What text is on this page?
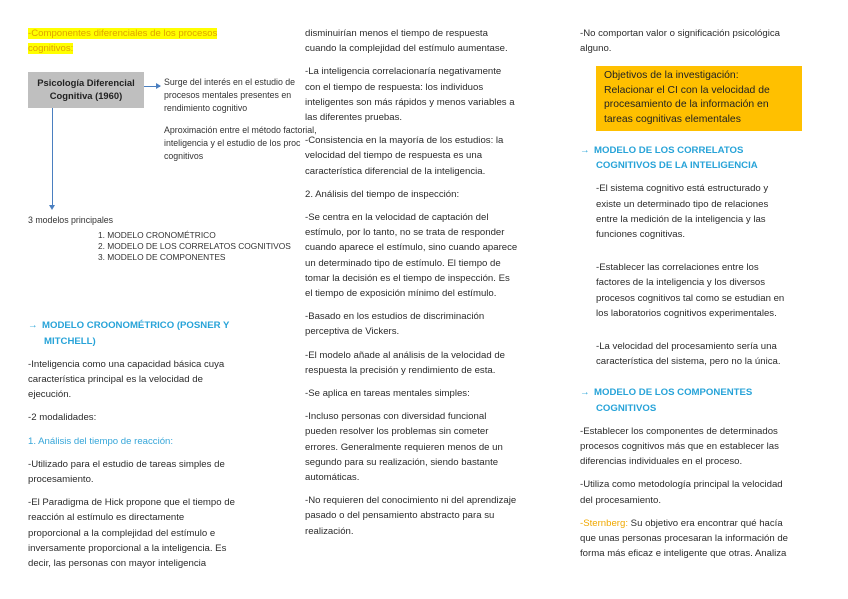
-Componentes diferenciales de los procesos
cognitivos:
Psicología Diferencial
Cognitiva (1960)
Surge del interés en el estudio de
procesos mentales presentes en
rendimiento cognitivo
Aproximación entre el método factorial,
inteligencia y el estudio de los proc
cognitivos
3 modelos principales
1. MODELO CRONOMÉTRICO
2. MODELO DE LOS CORRELATOS COGNITIVOS
3. MODELO DE COMPONENTES
→ MODELO CROONOMÉTRICO (POSNER Y
MITCHELL)
-Inteligencia como una capacidad básica cuya
característica principal es la velocidad de
ejecución.
-2 modalidades:
1. Análisis del tiempo de reacción:
-Utilizado para el estudio de tareas simples de
procesamiento.
-El Paradigma de Hick propone que el tiempo de
reacción al estímulo es directamente
proporcional a la complejidad del estímulo e
inversamente proporcional a la inteligencia. Es
decir, las personas con mayor inteligencia
disminuirían menos el tiempo de respuesta
cuando la complejidad del estímulo aumentase.
-La inteligencia correlacionaría negativamente
con el tiempo de respuesta: los individuos
inteligentes son más rápidos y menos variables a
las diferentes pruebas.
-Consistencia en la mayoría de los estudios: la
velocidad del tiempo de respuesta es una
característica diferencial de la inteligencia.
2. Análisis del tiempo de inspección:
-Se centra en la velocidad de captación del
estímulo, por lo tanto, no se trata de responder
cuando aparece el estímulo, sino cuando aparece
un determinado tipo de estímulo. El tiempo de
tomar la decisión es el tiempo de inspección. Es
el tiempo de exposición mínimo del estímulo.
-Basado en los estudios de discriminación
perceptiva de Vickers.
-El modelo añade al análisis de la velocidad de
respuesta la precisión y rendimiento de esta.
-Se aplica en tareas mentales simples:
-Incluso personas con diversidad funcional
pueden resolver los problemas sin cometer
errores. Generalmente requieren menos de un
segundo para su realización, siendo bastante
automáticas.
-No requieren del conocimiento ni del aprendizaje
pasado o del pensamiento abstracto para su
realización.
-No comportan valor o significación psicológica
alguno.
Objetivos de la investigación:
Relacionar el CI con la velocidad de
procesamiento de la información en
tareas cognitivas elementales
→ MODELO DE LOS CORRELATOS
COGNITIVOS DE LA INTELIGENCIA
-El sistema cognitivo está estructurado y
existe un determinado tipo de relaciones
entre la medición de la inteligencia y las
funciones cognitivas.
-Establecer las correlaciones entre los
factores de la inteligencia y los diversos
procesos cognitivos tal como se estudian en
los laboratorios cognitivos experimentales.
-La velocidad del procesamiento sería una
característica del sistema, pero no la única.
→ MODELO DE LOS COMPONENTES
COGNITIVOS
-Establecer los componentes de determinados
procesos cognitivos más que en establecer las
diferencias individuales en el proceso.
-Utiliza como metodología principal la velocidad
del procesamiento.
-Sternberg: Su objetivo era encontrar qué hacía
que unas personas procesaran la información de
forma más eficaz e inteligente que otras. Analiza
